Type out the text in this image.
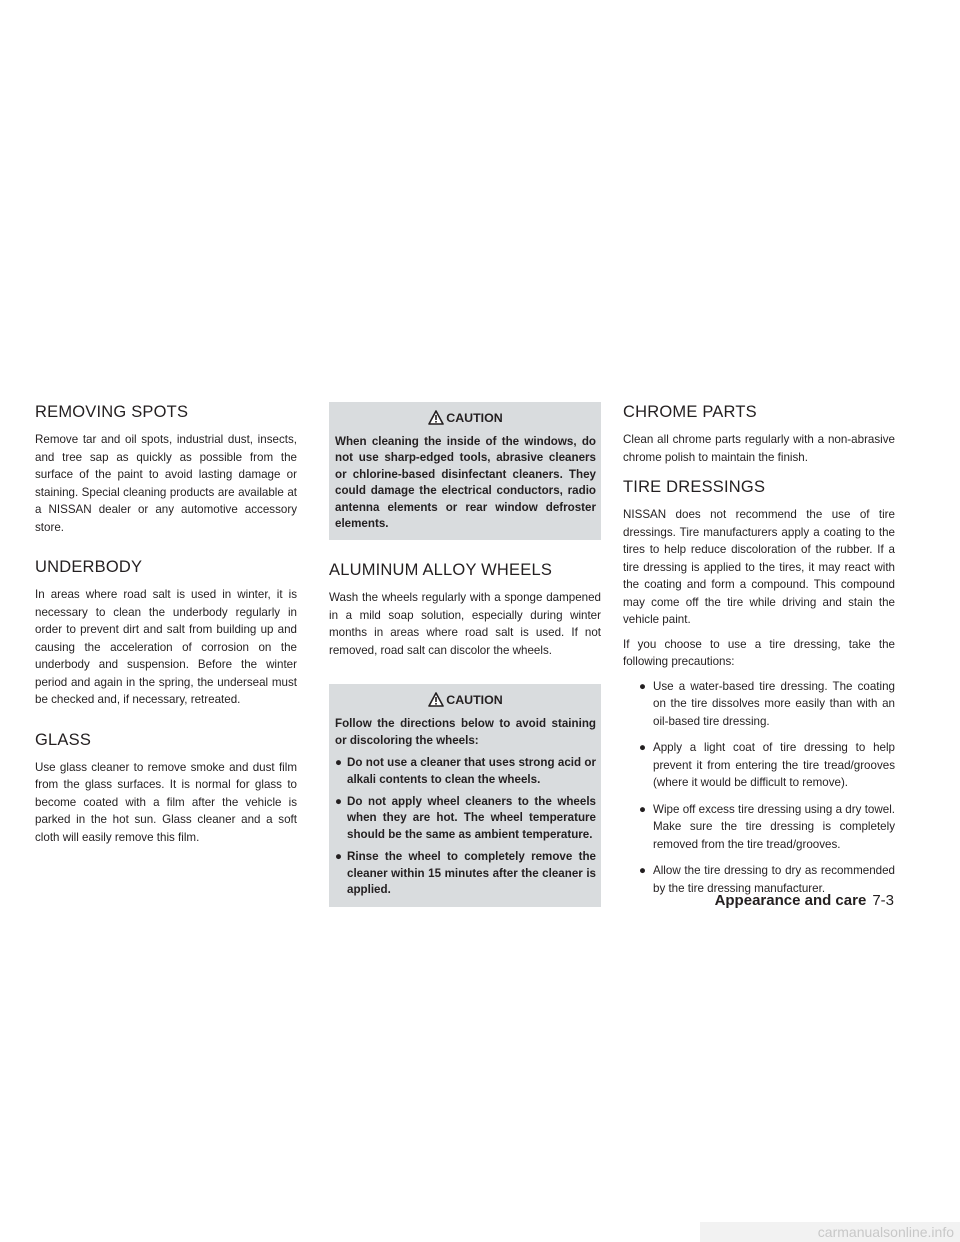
REMOVING SPOTS

Remove tar and oil spots, industrial dust, insects, and tree sap as quickly as possible from the surface of the paint to avoid lasting damage or staining. Special cleaning products are available at a NISSAN dealer or any automotive accessory store.

UNDERBODY

In areas where road salt is used in winter, it is necessary to clean the underbody regularly in order to prevent dirt and salt from building up and causing the acceleration of corrosion on the underbody and suspension. Before the winter period and again in the spring, the underseal must be checked and, if necessary, retreated.

GLASS

Use glass cleaner to remove smoke and dust film from the glass surfaces. It is normal for glass to become coated with a film after the vehicle is parked in the hot sun. Glass cleaner and a soft cloth will easily remove this film.

CAUTION

When cleaning the inside of the windows, do not use sharp-edged tools, abrasive cleaners or chlorine-based disinfectant cleaners. They could damage the electrical conductors, radio antenna elements or rear window defroster elements.

ALUMINUM ALLOY WHEELS

Wash the wheels regularly with a sponge dampened in a mild soap solution, especially during winter months in areas where road salt is used. If not removed, road salt can discolor the wheels.

CAUTION

Follow the directions below to avoid staining or discoloring the wheels:

● Do not use a cleaner that uses strong acid or alkali contents to clean the wheels.
● Do not apply wheel cleaners to the wheels when they are hot. The wheel temperature should be the same as ambient temperature.
● Rinse the wheel to completely remove the cleaner within 15 minutes after the cleaner is applied.
CHROME PARTS

Clean all chrome parts regularly with a non-abrasive chrome polish to maintain the finish.

TIRE DRESSINGS

NISSAN does not recommend the use of tire dressings. Tire manufacturers apply a coating to the tires to help reduce discoloration of the rubber. If a tire dressing is applied to the tires, it may react with the coating and form a compound. This compound may come off the tire while driving and stain the vehicle paint.

If you choose to use a tire dressing, take the following precautions:

● Use a water-based tire dressing. The coating on the tire dissolves more easily than with an oil-based tire dressing.
● Apply a light coat of tire dressing to help prevent it from entering the tire tread/grooves (where it would be difficult to remove).
● Wipe off excess tire dressing using a dry towel. Make sure the tire dressing is completely removed from the tire tread/grooves.
● Allow the tire dressing to dry as recommended by the tire dressing manufacturer.
Appearance and care 7-3
carmanualsonline.info
